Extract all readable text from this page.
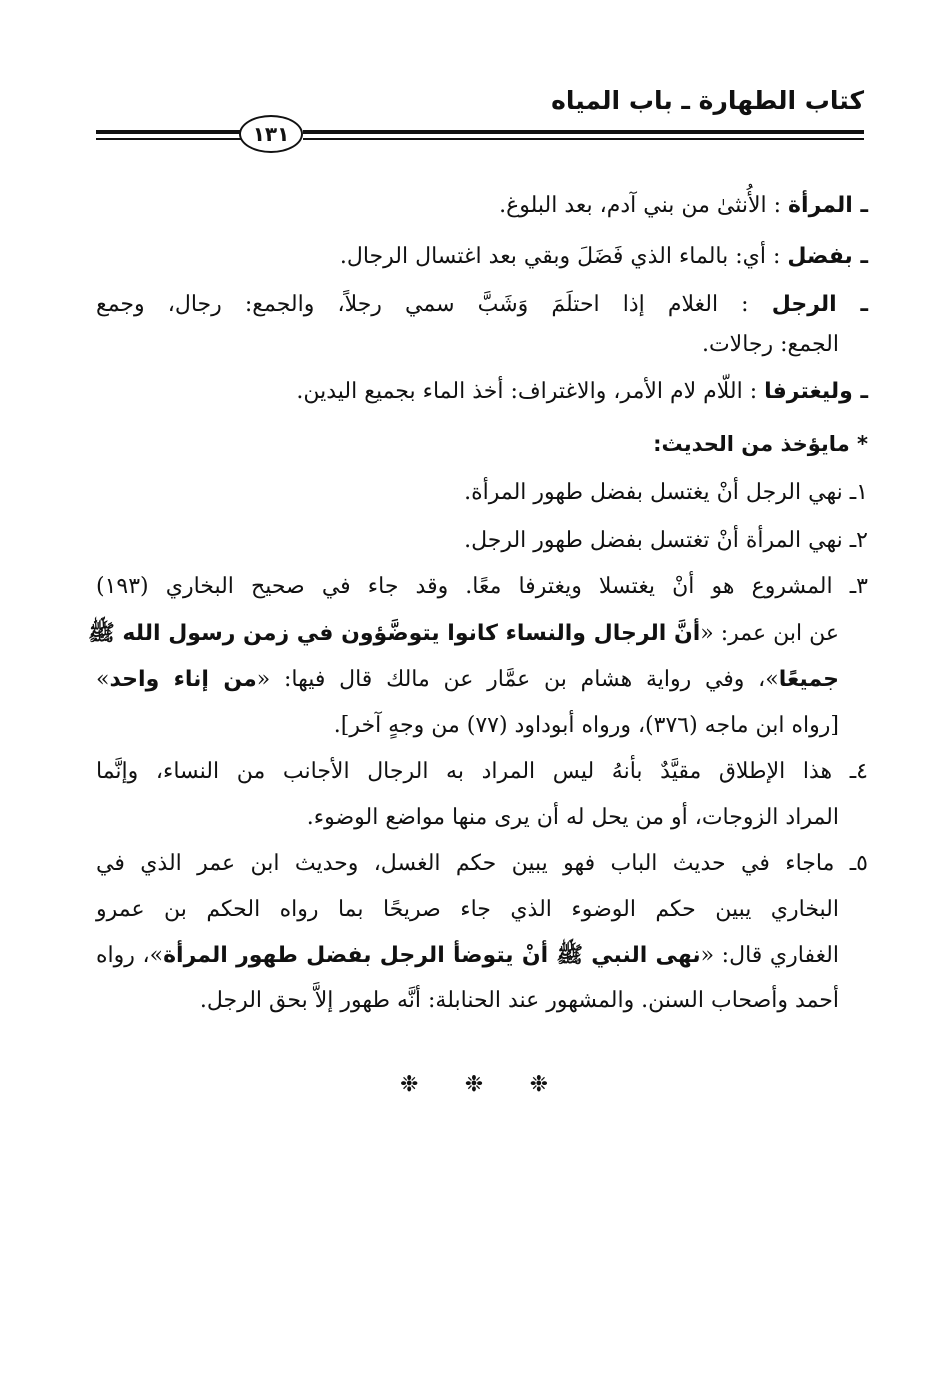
كتاب الطهارة ـ باب المياه
١٣١
ـ المرأة : الأُنثىٰ من بني آدم، بعد البلوغ.
ـ بفضل : أي: بالماء الذي فَضَلَ وبقي بعد اغتسال الرجال.
ـ الرجل : الغلام إذا احتلَمَ وَشَبَّ سمي رجلاً، والجمع: رجال، وجمع
الجمع: رجالات.
ـ وليغترفا : اللّام لام الأمر، والاغتراف: أخذ الماء بجميع اليدين.
* مايؤخذ من الحديث:
١ـ نهي الرجل أنْ يغتسل بفضل طهور المرأة.
٢ـ نهي المرأة أنْ تغتسل بفضل طهور الرجل.
٣ـ المشروع هو أنْ يغتسلا ويغترفا معًا. وقد جاء في صحيح البخاري (١٩٣)
عن ابن عمر: «أنَّ الرجال والنساء كانوا يتوضَّؤون في زمن رسول الله ﷺ
جميعًا»، وفي رواية هشام بن عمَّار عن مالك قال فيها: «من إناء واحد»
[رواه ابن ماجه (٣٧٦)، ورواه أبوداود (٧٧) من وجهٍ آخر].
٤ـ هذا الإطلاق مقيَّدٌ بأنهُ ليس المراد به الرجال الأجانب من النساء، وإنَّما
المراد الزوجات، أو من يحل له أن يرى منها مواضع الوضوء.
٥ـ ماجاء في حديث الباب فهو يبين حكم الغسل، وحديث ابن عمر الذي في
البخاري يبين حكم الوضوء الذي جاء صريحًا بما رواه الحكم بن عمرو
الغفاري قال: «نهى النبي ﷺ أنْ يتوضأ الرجل بفضل طهور المرأة»، رواه
أحمد وأصحاب السنن. والمشهور عند الحنابلة: أنَّه طهور إلاَّ بحق الرجل.
❉ ❉ ❉
